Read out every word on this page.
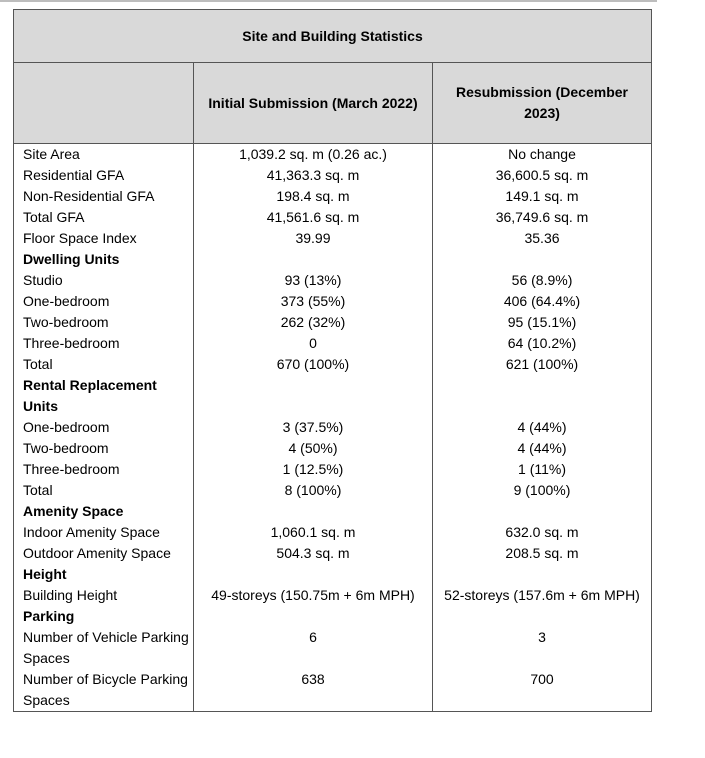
Site and Building Statistics		
	Initial Submission (March 2022)	Resubmission (December 2023)
Site Area	1,039.2 sq. m (0.26 ac.)	No change
Residential GFA	41,363.3 sq. m	36,600.5 sq. m
Non-Residential GFA	198.4 sq. m	149.1 sq. m
Total GFA	41,561.6 sq. m	36,749.6 sq. m
Floor Space Index	39.99	35.36
Dwelling Units		
Studio	93 (13%)	56 (8.9%)
One-bedroom	373 (55%)	406 (64.4%)
Two-bedroom	262 (32%)	95 (15.1%)
Three-bedroom	0	64 (10.2%)
Total	670 (100%)	621 (100%)
Rental Replacement Units		
One-bedroom	3 (37.5%)	4 (44%)
Two-bedroom	4 (50%)	4 (44%)
Three-bedroom	1 (12.5%)	1 (11%)
Total	8 (100%)	9 (100%)
Amenity Space		
Indoor Amenity Space	1,060.1 sq. m	632.0 sq. m
Outdoor Amenity Space	504.3 sq. m	208.5 sq. m
Height		
Building Height	49-storeys (150.75m + 6m MPH)	52-storeys (157.6m + 6m MPH)
Parking		
Number of Vehicle Parking Spaces	6	3
Number of Bicycle Parking Spaces	638	700
